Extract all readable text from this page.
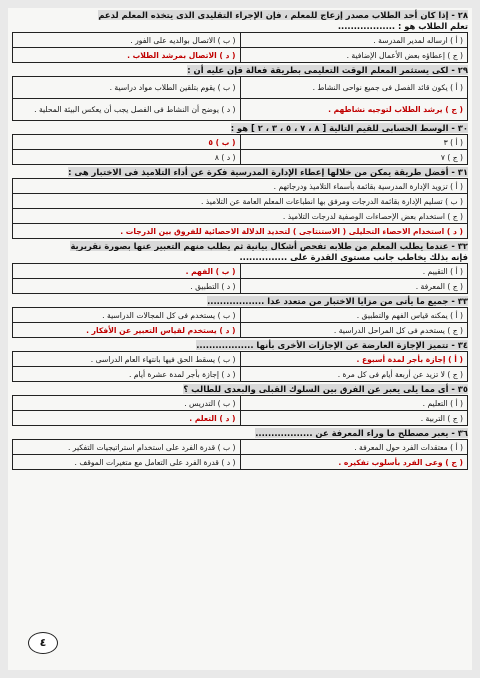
٢٨ - إذا كان أحد الطلاب مصدر إزعاج للمعلم ، فإن الإجراء التقليدى الذى يتخذه المعلم لدعم
تعلم الطلاب هو : ..................
( أ ) ارساله لمدير المدرسة .	( ب ) الاتصال بوالديه على الفور .
( ج ) إعطاؤه بعض الأعمال الإضافية .	( د ) الاتصال بمرشد الطلاب .
٢٩ - لكى يستثمر المعلم الوقت التعليمى بطريقة فعالة فإن عليه أن :
( أ ) يكون قائد الفصل فى جميع نواحى النشاط .	( ب ) يقوم بتلقين الطلاب مواد دراسية .
( ج ) يرشد الطلاب لتوجيه نشاطهم .	( د ) يوضح أن النشاط فى الفصل يجب أن يعكس البيئة المحلية .
٣٠ - الوسط الحسابى للقيم التالية [ ٨ ، ٧ ، ٥ ، ٣ ، ٢ ] هو :
( أ ) ٣	( ب ) ٥
( ج ) ٧	( د ) ٨
٣١ - أفضل طريقة يمكن من خلالها إعطاء الإدارة المدرسية فكرة عن أداء التلاميذ فى الاختبار هى :
( أ ) تزويد الإدارة المدرسية بقائمة بأسماء التلاميذ ودرجاتهم .
( ب ) تسليم الإدارة بقائمة الدرجات ومرفق بها انطباعات المعلم العامة عن التلاميذ .
( ج ) استخدام بعض الإحصاءات الوصفية لدرجات التلاميذ .
( د ) استخدام الاحصاء التحليلى ( الاستنتاجى ) لتحديد الدلالة الاحصائية للفروق بين الدرجات .
٣٢ - عندما يطلب المعلم من طلابه تفحص أشكال بيانية ثم يطلب منهم التعبير عنها بصورة نقريرية
فإنه بذلك يخاطب جانب مستوى القدرة على ...............
( أ ) التقييم .	( ب ) الفهم .
( ج ) المعرفة .	( د ) التطبيق .
٣٣ - جميع ما يأتى من مزايا الاختبار من متعدد عدا ..................
( أ ) يمكنه قياس الفهم والتطبيق .	( ب ) يستخدم فى كل المجالات الدراسية .
( ج ) يستخدم فى كل المراحل الدراسية .	( د ) يستخدم لقياس التعبير عن الأفكار .
٣٤ - تتميز الإجازة العارضة عن الإجازات الأخرى بأنها ..................
( أ ) إجازة بأجر لمدة أسبوع .	( ب ) يسقط الحق فيها بانتهاء العام الدراسى .
( ج ) لا تزيد عن أربعة أيام فى كل مرة .	( د ) إجازة بأجر لمدة عشرة أيام .
٣٥ - أى مما يلى يعبر عن الفرق بين السلوك القبلى والبعدى للطالب ؟
( أ ) التعليم .	( ب ) التدريس .
( ج ) التربية .	( د ) التعلم .
٣٦ - يعبر مصطلح ما وراء المعرفة عن ..................
( أ ) معتقدات الفرد حول المعرفة .	( ب ) قدرة الفرد على استخدام استراتيجيات التفكير .
( ج ) وعى الفرد بأسلوب تفكيره .	( د ) قدرة الفرد على التعامل مع متغيرات الموقف .
٤
